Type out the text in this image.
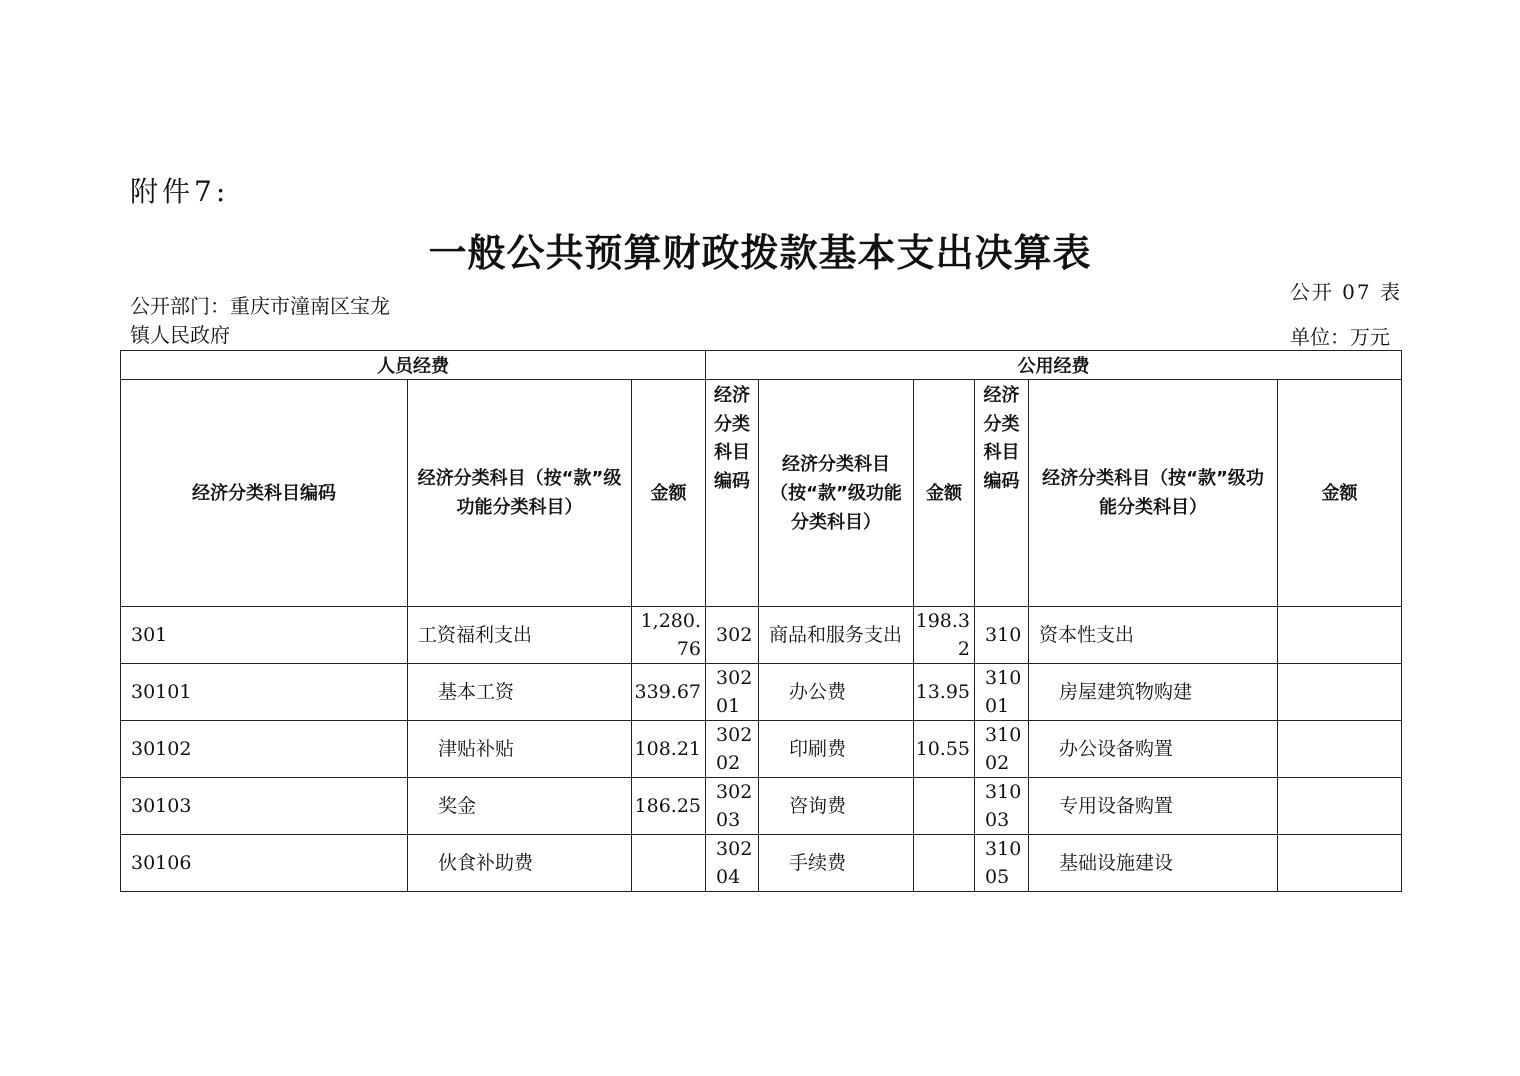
附件7:
一般公共预算财政拨款基本支出决算表
公开 07 表
公开部门：重庆市潼南区宝龙镇人民政府	单位：万元
人员经费			公用经费					
经济分类科目编码	经济分类科目（按“款”级功能分类科目）	金额	经济分类科目编码	经济分类科目（按“款”级功能分类科目）	金额	经济分类科目编码	经济分类科目（按“款”级功能分类科目）	金额
301	工资福利支出	1,280.76	302	商品和服务支出	198.32	310	资本性支出	
30101	基本工资	339.67	30201	办公费	13.95	31001	房屋建筑物购建	
30102	津贴补贴	108.21	30202	印刷费	10.55	31002	办公设备购置	
30103	奖金	186.25	30203	咨询费		31003	专用设备购置	
30106	伙食补助费		30204	手续费		31005	基础设施建设	
